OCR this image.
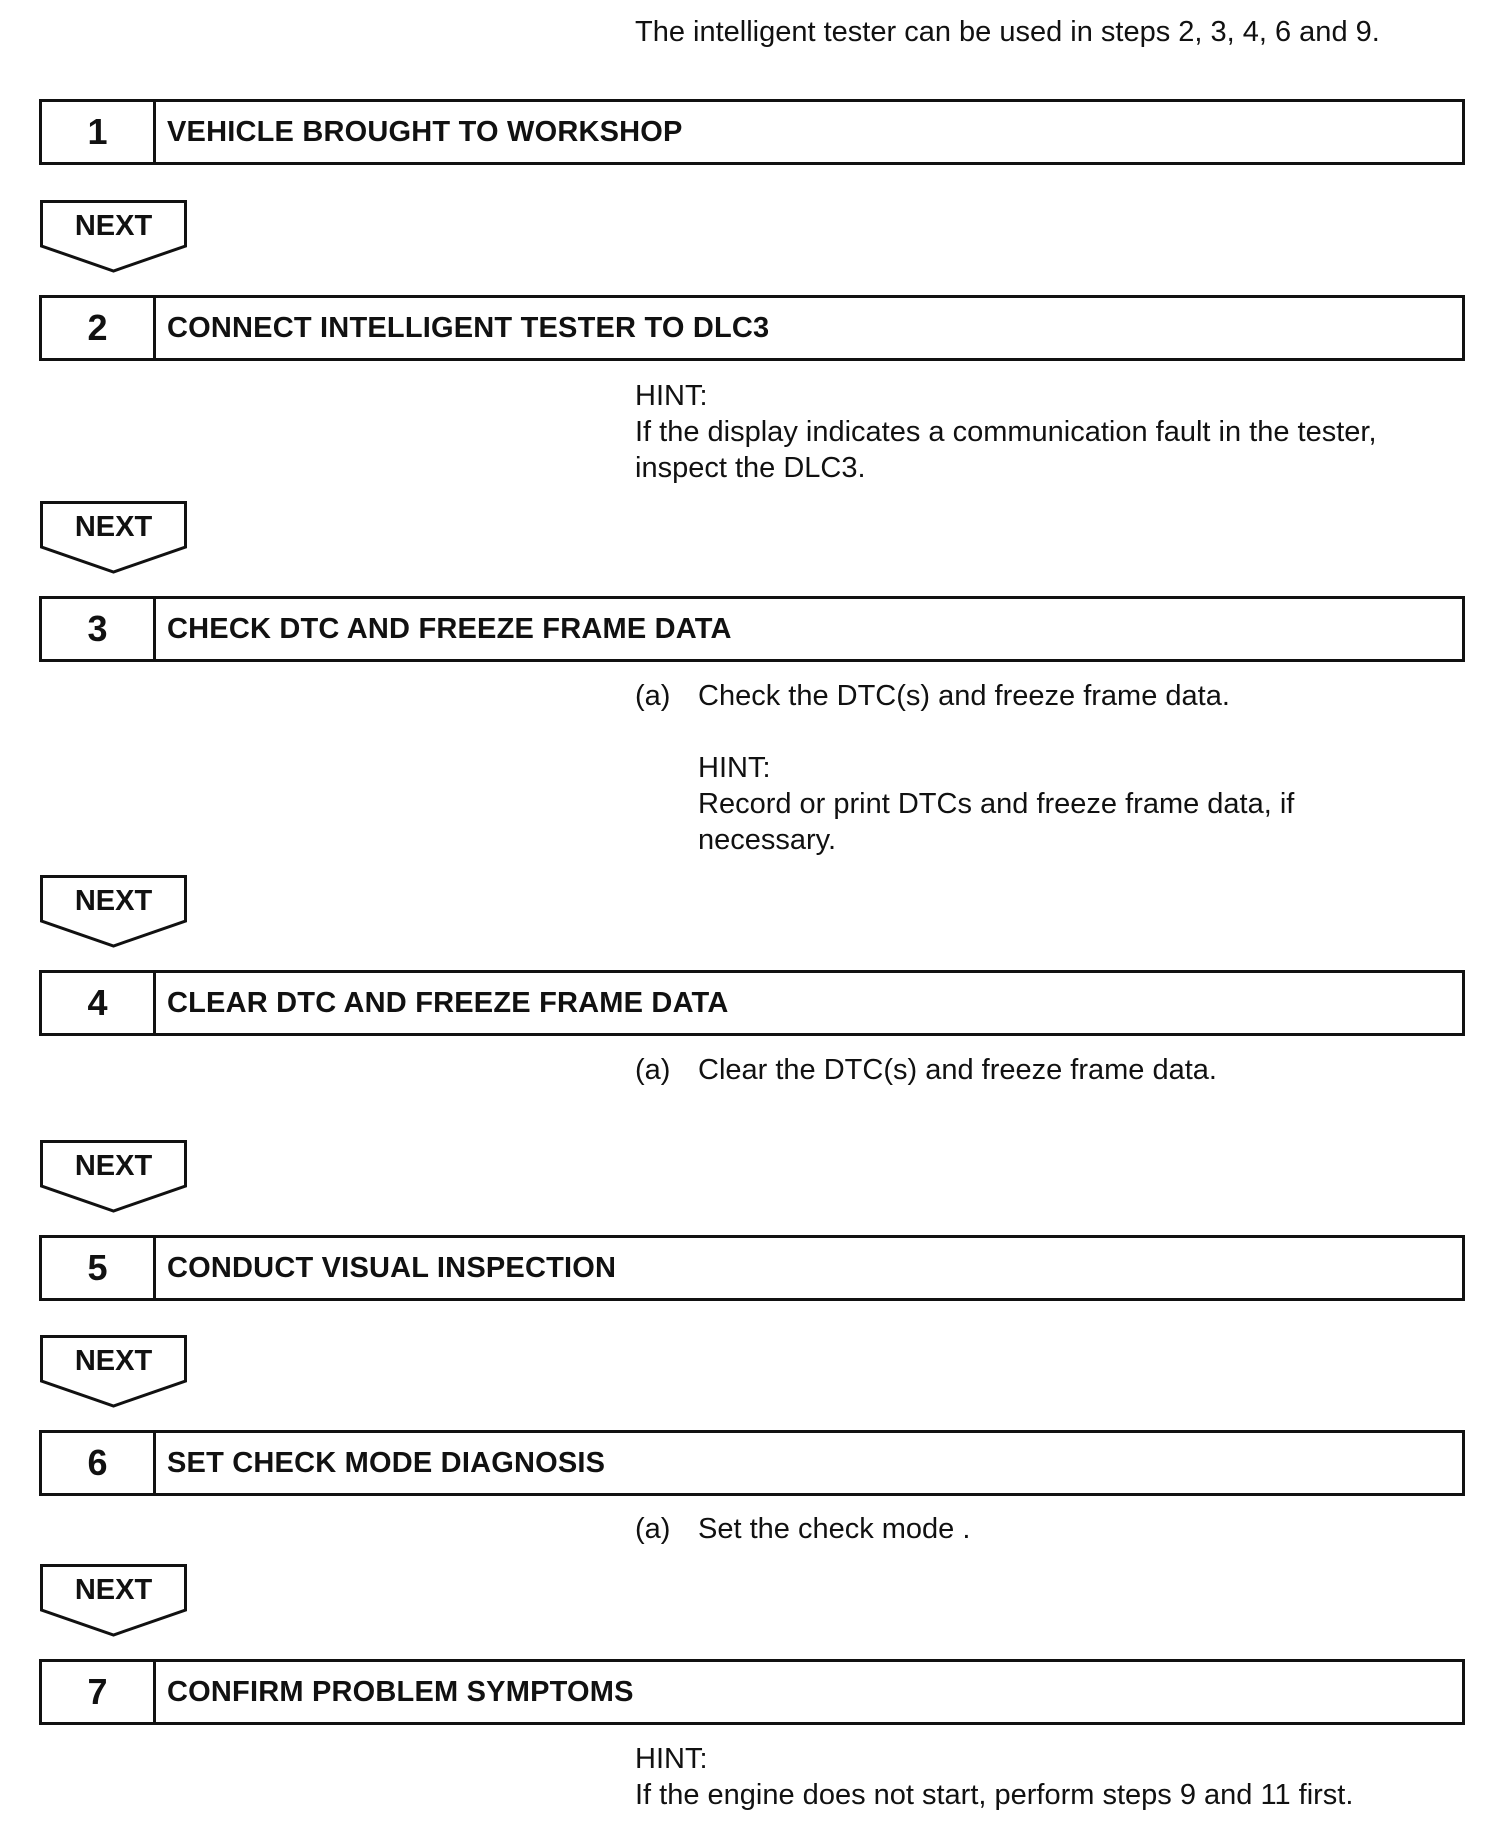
The intelligent tester can be used in steps 2, 3, 4, 6 and 9.
1	VEHICLE BROUGHT TO WORKSHOP
NEXT
2	CONNECT INTELLIGENT TESTER TO DLC3
HINT:
If the display indicates a communication fault in the tester,
inspect the DLC3.
NEXT
3	CHECK DTC AND FREEZE FRAME DATA
(a) Check the DTC(s) and freeze frame data.
HINT:
Record or print DTCs and freeze frame data, if
necessary.
NEXT
4	CLEAR DTC AND FREEZE FRAME DATA
(a) Clear the DTC(s) and freeze frame data.
NEXT
5	CONDUCT VISUAL INSPECTION
NEXT
6	SET CHECK MODE DIAGNOSIS
(a) Set the check mode .
NEXT
7	CONFIRM PROBLEM SYMPTOMS
HINT:
If the engine does not start, perform steps 9 and 11 first.
